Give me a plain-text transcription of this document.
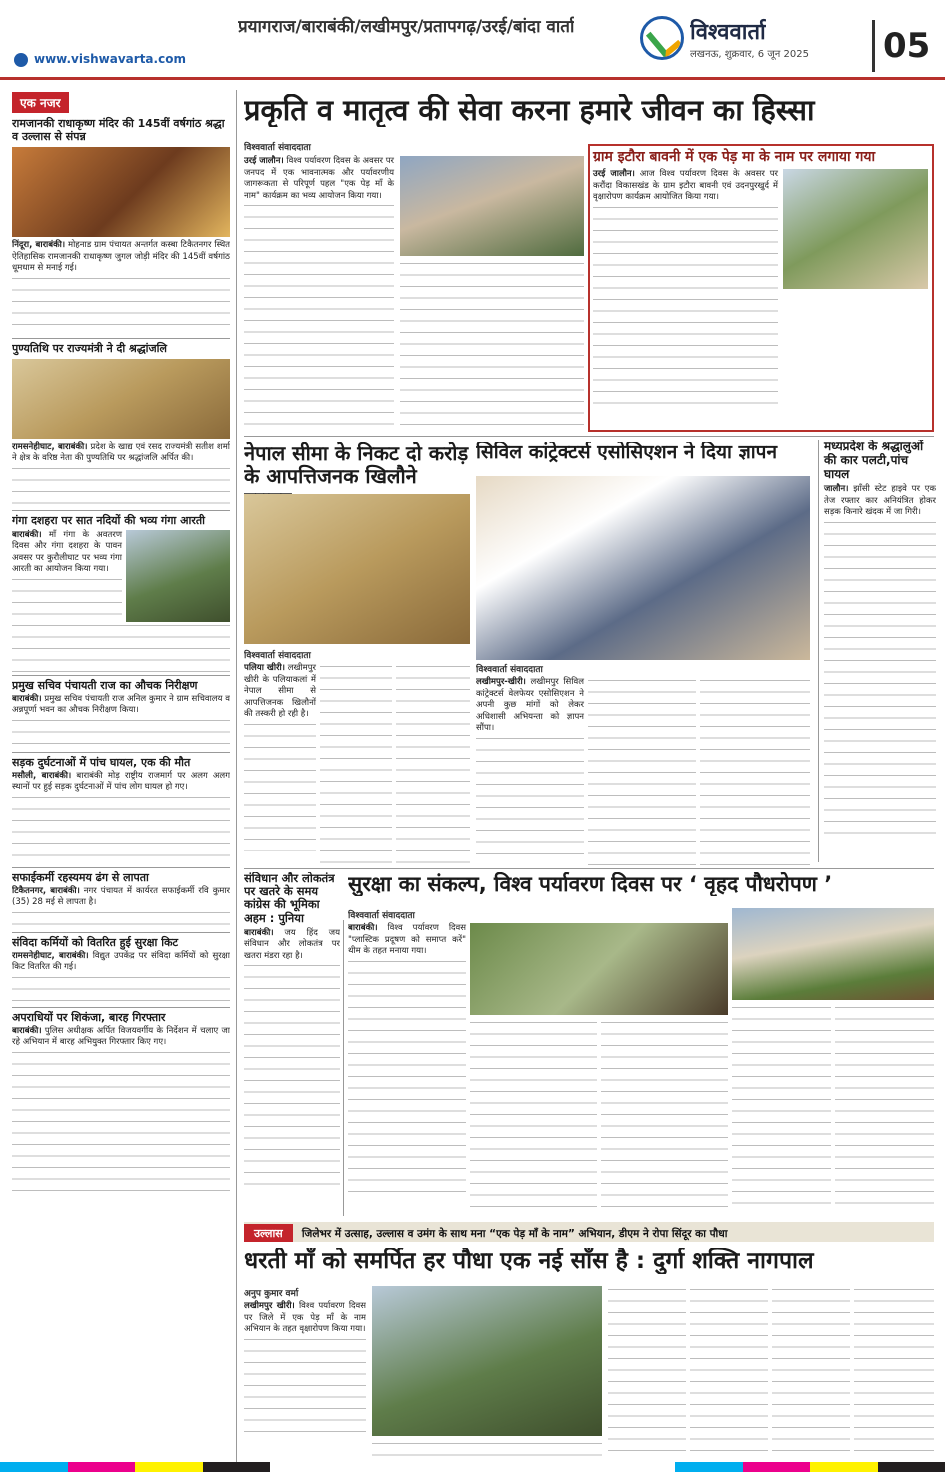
प्रयागराज/बाराबंकी/लखीमपुर/प्रतापगढ़/उरई/बांदा वार्ता	विश्ववार्ता
लखनऊ, शुक्रवार, 6 जून 2025	05
www.vishwavarta.com
एक नजर
रामजानकी राधाकृष्ण मंदिर की 145वीं वर्षगांठ श्रद्धा व उल्लास से संपन्न
निंदूरा, बाराबंकी। मोहनाड ग्राम पंचायत अन्तर्गत कस्बा टिकैतनगर स्थित ऐतिहासिक रामजानकी राधाकृष्ण जुगल जोड़ी मंदिर की 145वीं वर्षगांठ धूमधाम से मनाई गई।
पुण्यतिथि पर राज्यमंत्री ने दी श्रद्धांजलि
रामसनेहीघाट, बाराबंकी। प्रदेश के खाद्य एवं रसद राज्यमंत्री सतीश शर्मा ने क्षेत्र के वरिष्ठ नेता की पुण्यतिथि पर श्रद्धांजलि अर्पित की।
गंगा दशहरा पर सात नदियों की भव्य गंगा आरती
बाराबंकी। माँ गंगा के अवतरण दिवस और गंगा दशहरा के पावन अवसर पर कुरौलीघाट पर भव्य गंगा आरती का आयोजन किया गया।
प्रमुख सचिव पंचायती राज का औचक निरीक्षण
बाराबंकी। प्रमुख सचिव पंचायती राज अनिल कुमार ने ग्राम सचिवालय व अन्नपूर्णा भवन का औचक निरीक्षण किया।
सड़क दुर्घटनाओं में पांच घायल, एक की मौत
मसौली, बाराबंकी। बाराबंकी मोड़ राष्ट्रीय राजमार्ग पर अलग अलग स्थानों पर हुई सड़क दुर्घटनाओं में पांच लोग घायल हो गए।
सफाईकर्मी रहस्यमय ढंग से लापता
टिकैतनगर, बाराबंकी। नगर पंचायत में कार्यरत सफाईकर्मी रवि कुमार (35) 28 मई से लापता है।
संविदा कर्मियों को वितरित हुई सुरक्षा किट
रामसनेहीघाट, बाराबंकी। विद्युत उपकेंद्र पर संविदा कर्मियों को सुरक्षा किट वितरित की गई।
अपराधियों पर शिकंजा, बारह गिरफ्तार
बाराबंकी। पुलिस अधीक्षक अर्पित विजयवर्गीय के निर्देशन में चलाए जा रहे अभियान में बारह अभियुक्त गिरफ्तार किए गए।
प्रकृति व मातृत्व की सेवा करना हमारे जीवन का हिस्सा
विश्ववार्ता संवाददाता
उरई जालौन। विश्व पर्यावरण दिवस के अवसर पर जनपद में एक भावनात्मक और पर्यावरणीय जागरूकता से परिपूर्ण पहल "एक पेड़ माँ के नाम" कार्यक्रम का भव्य आयोजन किया गया।
ग्राम इटौरा बावनी में एक पेड़ मा के नाम पर लगाया गया
उरई जालौन। आज विश्व पर्यावरण दिवस के अवसर पर करौंदा विकासखंड के ग्राम इटौरा बावनी एवं उदनपुरखुर्द में वृक्षारोपण कार्यक्रम आयोजित किया गया।
नेपाल सीमा के निकट दो करोड़ के आपत्तिजनक खिलौने
विश्ववार्ता संवाददाता
पलिया खीरी। लखीमपुर खीरी के पलियाकलां में नेपाल सीमा से आपत्तिजनक खिलौनों की तस्करी हो रही है।
सिविल कांट्रेक्टर्स एसोसिएशन ने दिया ज्ञापन
विश्ववार्ता संवाददाता
लखीमपुर-खीरी। लखीमपुर सिविल कांट्रेक्टर्स वेलफेयर एसोसिएशन ने अपनी कुछ मांगों को लेकर अधिशासी अभियन्ता को ज्ञापन सौंपा।
मध्यप्रदेश के श्रद्धालुओं की कार पलटी,पांच घायल
जालौन। झाँसी स्टेट हाइवे पर एक तेज रफ्तार कार अनियंत्रित होकर सड़क किनारे खंदक में जा गिरी।
संविधान और लोकतंत्र पर खतरे के समय कांग्रेस की भूमिका अहम : पुनिया
बाराबंकी। जय हिंद जय संविधान और लोकतंत्र पर खतरा मंडरा रहा है।
सुरक्षा का संकल्प, विश्व पर्यावरण दिवस पर ‘ वृहद पौधरोपण ’
विश्ववार्ता संवाददाता
बाराबंकी। विश्व पर्यावरण दिवस "प्लास्टिक प्रदूषण को समाप्त करें" थीम के तहत मनाया गया।
उल्लास जिलेभर में उत्साह, उल्लास व उमंग के साथ मना “एक पेड़ माँ के नाम” अभियान, डीएम ने रोपा सिंदूर का पौधा
धरती माँ को समर्पित हर पौधा एक नई साँस है : दुर्गा शक्ति नागपाल
अनुप कुमार वर्मा
लखीमपुर खीरी। विश्व पर्यावरण दिवस पर जिले में एक पेड़ माँ के नाम अभियान के तहत वृक्षारोपण किया गया।
